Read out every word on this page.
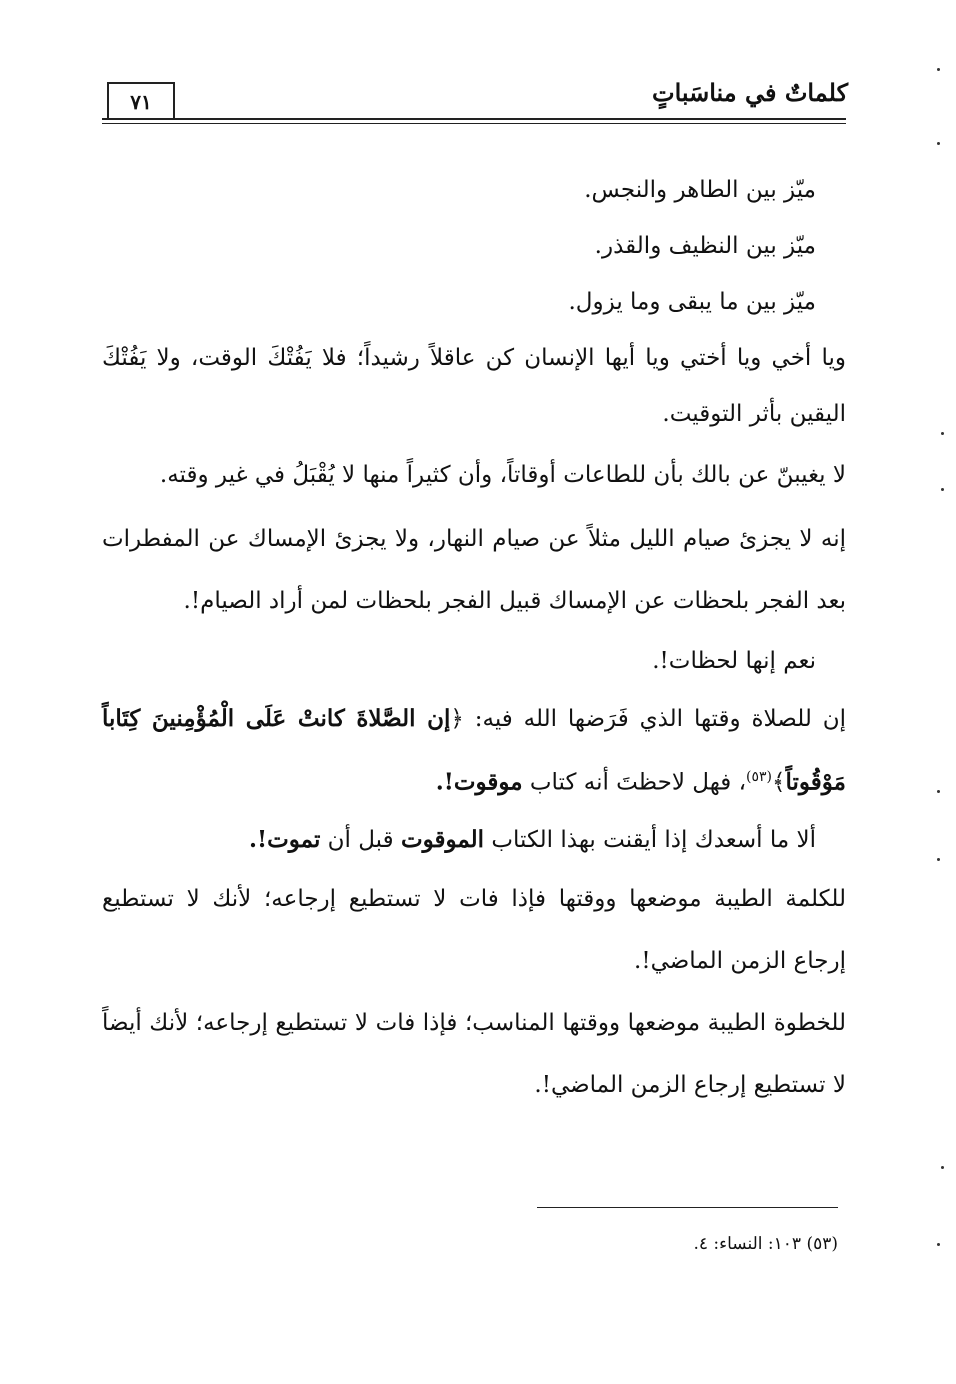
٧١	كلماتٌ في مناسَباتٍ

ميّز بين الطاهر والنجس.

ميّز بين النظيف والقذر.

ميّز بين ما يبقى وما يزول.

ويا أخي ويا أختي ويا أيها الإنسان كن عاقلاً رشيداً؛ فلا يَفُتْكَ الوقت، ولا يَفُتْكَ اليقين بأثر التوقيت.

لا يغيبنّ عن بالك بأن للطاعات أوقاتاً، وأن كثيراً منها لا يُقْبَلُ في غير وقته.

إنه لا يجزئ صيام الليل مثلاً عن صيام النهار، ولا يجزئ الإمساك عن المفطرات بعد الفجر بلحظات عن الإمساك قبيل الفجر بلحظات لمن أراد الصيام!.

نعم إنها لحظات!.

إن للصلاة وقتها الذي فَرَضها الله فيه: ﴿إن الصَّلاةَ كانتْ عَلَى الْمُؤْمِنينَ كِتَاباً مَوْقُوتاً﴾$^{(٥٣)}$، فهل لاحظتَ أنه كتاب موقوت!.

ألا ما أسعدك إذا أيقنت بهذا الكتاب الموقوت قبل أن تموت!.

للكلمة الطيبة موضعها ووقتها فإذا فات لا تستطيع إرجاعه؛ لأنك لا تستطيع إرجاع الزمن الماضي!.

للخطوة الطيبة موضعها ووقتها المناسب؛ فإذا فات لا تستطيع إرجاعه؛ لأنك أيضاً لا تستطيع إرجاع الزمن الماضي!.

(٥٣) ١٠٣: النساء: ٤.
